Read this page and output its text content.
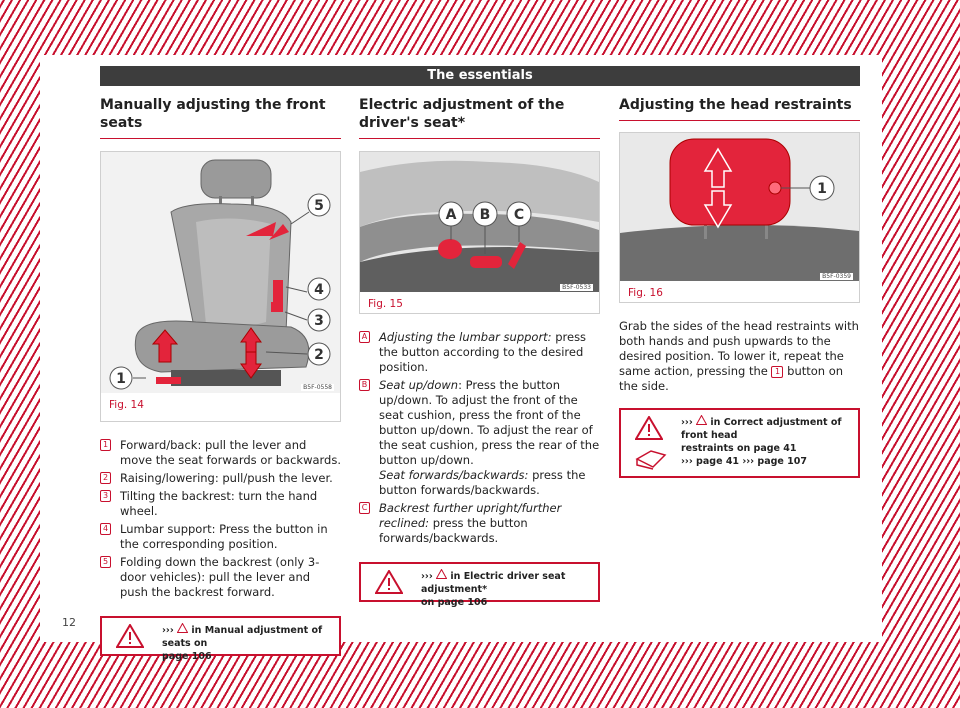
The essentials
Manually adjusting the front seats
5
4
3
2
1
B5F-0558
Fig. 14
1 Forward/back: pull the lever and move the seat forwards or backwards.
2 Raising/lowering: pull/push the lever.
3 Tilting the backrest: turn the hand wheel.
4 Lumbar support: Press the button in the corresponding position.
5 Folding down the backrest (only 3-door vehicles): pull the lever and push the backrest forward.
›››  in Manual adjustment of seats on
page 106
Electric adjustment of the driver's seat*
A B C
B5F-0533
Fig. 15
A Adjusting the lumbar support: press the button according to the desired position.
B Seat up/down: Press the button up/down. To adjust the front of the seat cushion, press the front of the button up/down. To adjust the rear of the seat cushion, press the rear of the button up/down.
Seat forwards/backwards: press the button forwards/backwards.
C Backrest further upright/further reclined: press the button forwards/backwards.
›››  in Electric driver seat adjustment*
on page 106
Adjusting the head restraints
1
B5F-0359
Fig. 16
Grab the sides of the head restraints with both hands and push upwards to the desired position. To lower it, repeat the same action, pressing the 1 button on the side.
›››  in Correct adjustment of front head
restraints on page 41
››› page 41 ››› page 107
12
